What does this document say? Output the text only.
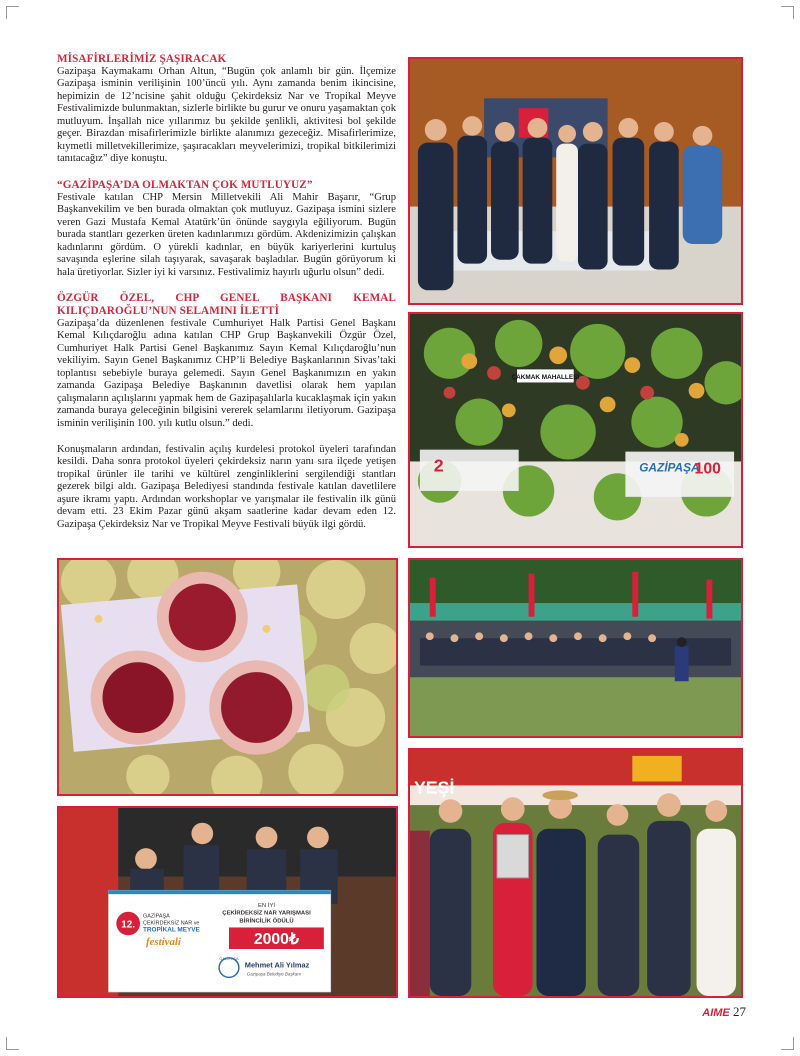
MİSAFİRLERİMİZ ŞAŞIRACAK

Gazipaşa Kaymakamı Orhan Altun, “Bugün çok anlamlı bir gün. İlçemize Gazipaşa isminin verilişinin 100’üncü yılı. Aynı zamanda benim ikincisine, hepimizin de 12’ncisine şahit olduğu Çekirdeksiz Nar ve Tropikal Meyve Festivalimizde bulunmaktan, sizlerle birlikte bu gurur ve onuru yaşamaktan çok mutluyum. İnşallah nice yıllarımız bu şekilde şenlikli, aktivitesi bol şekilde geçer. Birazdan misafirlerimizle birlikte alanımızı gezeceğiz. Misafirlerimize, kıymetli milletvekillerimize, şaşıracakları meyvelerimizi, tropikal bitkilerimizi tanıtacağız” diye konuştu.

“GAZİPAŞA’DA OLMAKTAN ÇOK MUTLUYUZ”

Festivale katılan CHP Mersin Milletvekili Ali Mahir Başarır, “Grup Başkanvekilim ve ben burada olmaktan çok mutluyuz. Gazipaşa ismini sizlere veren Gazi Mustafa Kemal Atatürk’ün önünde saygıyla eğiliyorum. Bugün burada stantları gezerken üreten kadınlarımızı gördüm. Akdenizimizin çalışkan kadınlarını gördüm. O yürekli kadınlar, en büyük kariyerlerini kurtuluş savaşında eşlerine silah taşıyarak, savaşarak başladılar. Bugün görüyorum ki hala üretiyorlar. Sizler iyi ki varsınız. Festivalimiz hayırlı uğurlu olsun” dedi.

ÖZGÜR ÖZEL, CHP GENEL BAŞKANI KEMAL KILIÇDAROĞLU’NUN SELAMINI İLETTİ

Gazipaşa’da düzenlenen festivale Cumhuriyet Halk Partisi Genel Başkanı Kemal Kılıçdaroğlu adına katılan CHP Grup Başkanvekili Özgür Özel, Cumhuriyet Halk Partisi Genel Başkanımız Sayın Kemal Kılıçdaroğlu’nun vekiliyim. Sayın Genel Başkanımız CHP’li Belediye Başkanlarının Sivas’taki toplantısı sebebiyle buraya gelemedi. Sayın Genel Başkanımızın en yakın zamanda Gazipaşa Belediye Başkanının davetlisi olarak hem yapılan çalışmaların açılışlarını yapmak hem de Gazipaşalılarla kucaklaşmak için yakın zamanda buraya geleceğinin bilgisini vererek selamlarını iletiyorum. Gazipaşa isminin verilişinin 100. yılı kutlu olsun.” dedi.

Konuşmaların ardından, festivalin açılış kurdelesi protokol üyeleri tarafından kesildi. Daha sonra protokol üyeleri çekirdeksiz narın yanı sıra ilçede yetişen tropikal ürünler ile tarihi ve kültürel zenginliklerini sergilendiği stantları gezerek bilgi aldı. Gazipaşa Belediyesi standında festivale katılan davetlilere aşure ikramı yaptı. Ardından workshoplar ve yarışmalar ile festivalin ilk günü devam etti. 23 Ekim Pazar günü akşam saatlerine kadar devam eden 12. Gazipaşa Çekirdeksiz Nar ve Tropikal Meyve Festivali büyük ilgi gördü.

ÇAKMAK MAHALLESİ
2	GAZİPAŞA
100
12.
GAZİPAŞA
ÇEKİRDEKSİZ NAR ve
TROPİKAL MEYVE
festivali
EN İYİ
ÇEKİRDEKSİZ NAR YARIŞMASI
BİRİNCİLİK ÖDÜLÜ
2000₺
GAZİPAŞA
Mehmet Ali Yılmaz
Gazipaşa Belediye Başkanı
YEŞİ
AIME 27
